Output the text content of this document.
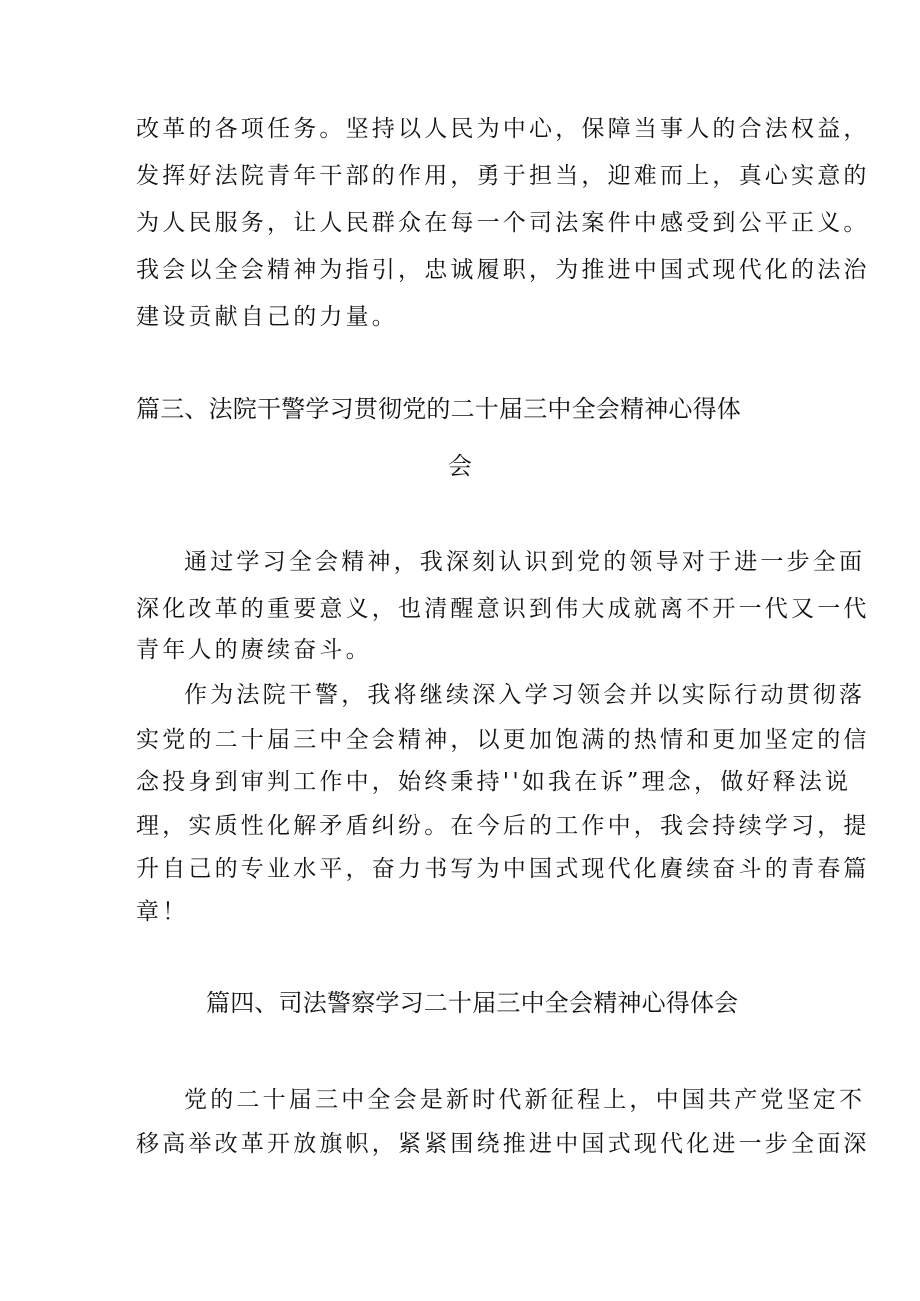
改革的各项任务。坚持以人民为中心，保障当事人的合法权益，
发挥好法院青年干部的作用，勇于担当，迎难而上，真心实意的
为人民服务，让人民群众在每一个司法案件中感受到公平正义。
我会以全会精神为指引，忠诚履职，为推进中国式现代化的法治
建设贡献自己的力量。
篇三、法院干警学习贯彻党的二十届三中全会精神心得体
会
通过学习全会精神，我深刻认识到党的领导对于进一步全面
深化改革的重要意义，也清醒意识到伟大成就离不开一代又一代
青年人的赓续奋斗。
作为法院干警，我将继续深入学习领会并以实际行动贯彻落
实党的二十届三中全会精神，以更加饱满的热情和更加坚定的信
念投身到审判工作中，始终秉持''如我在诉”理念，做好释法说
理，实质性化解矛盾纠纷。在今后的工作中，我会持续学习，提
升自己的专业水平，奋力书写为中国式现代化賡续奋斗的青春篇
章！
篇四、司法警察学习二十届三中全会精神心得体会
党的二十届三中全会是新时代新征程上，中国共产党坚定不
移高举改革开放旗帜，紧紧围绕推进中国式现代化进一步全面深
